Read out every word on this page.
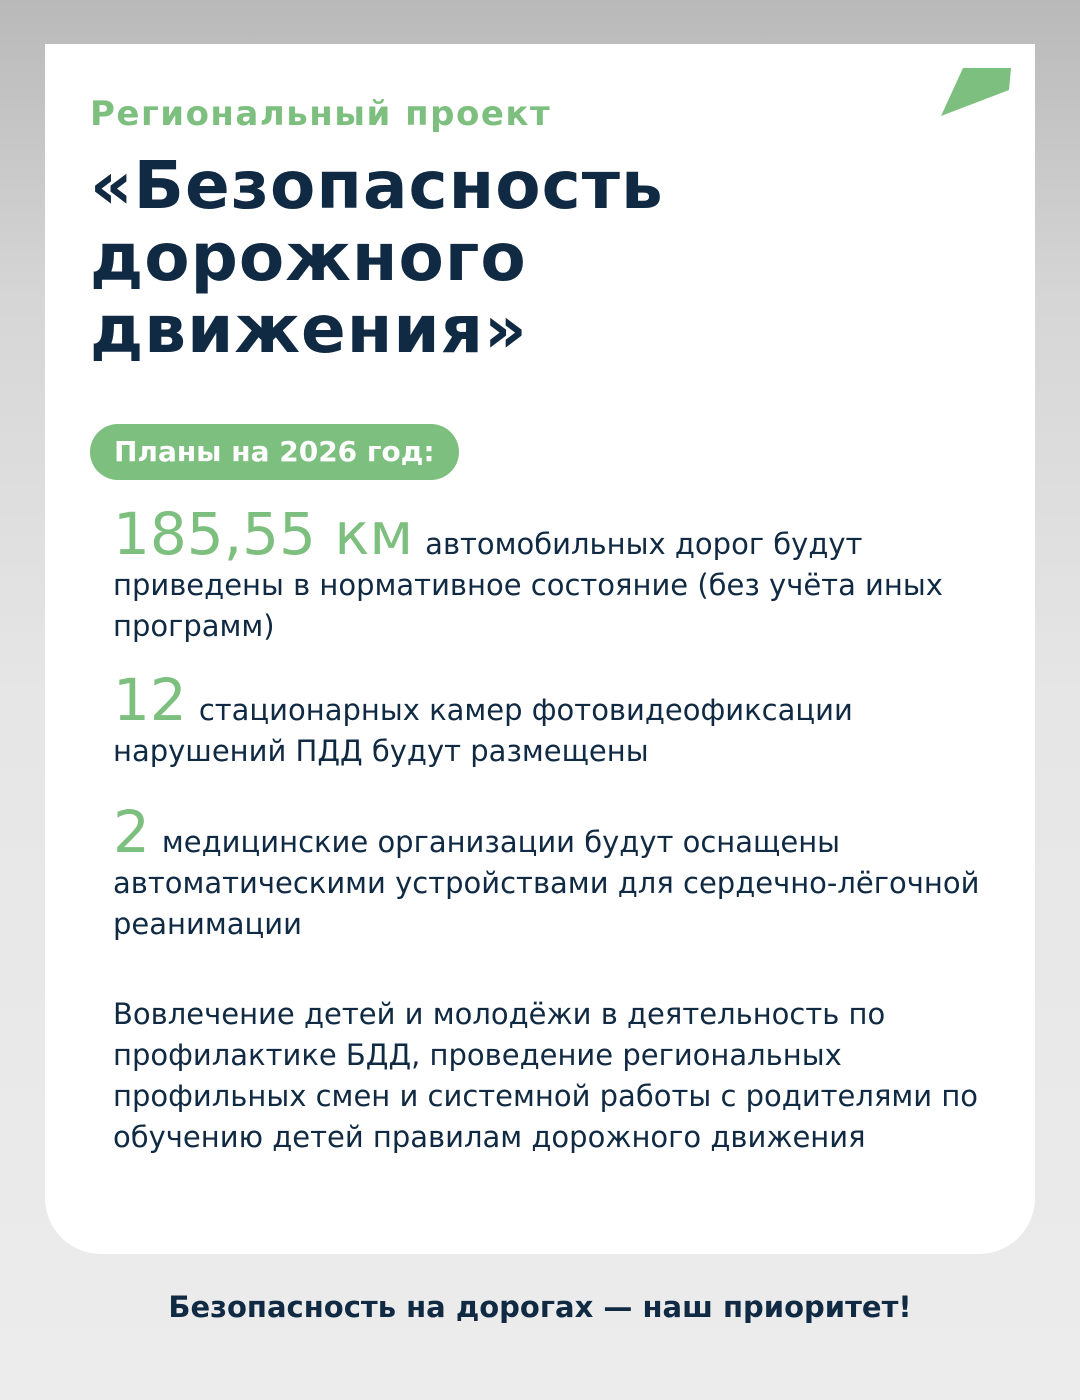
Региональный проект

«Безопасность
дорожного
движения»
Планы на 2026 год:

185,55 км автомобильных дорог будут приведены в нормативное состояние (без учёта иных программ)

12 стационарных камер фотовидеофиксации нарушений ПДД будут размещены

2 медицинские организации будут оснащены автоматическими устройствами для сердечно-лёгочной реанимации

Вовлечение детей и молодёжи в деятельность по профилактике БДД, проведение региональных профильных смен и системной работы с родителями по обучению детей правилам дорожного движения

Безопасность на дорогах — наш приоритет!
